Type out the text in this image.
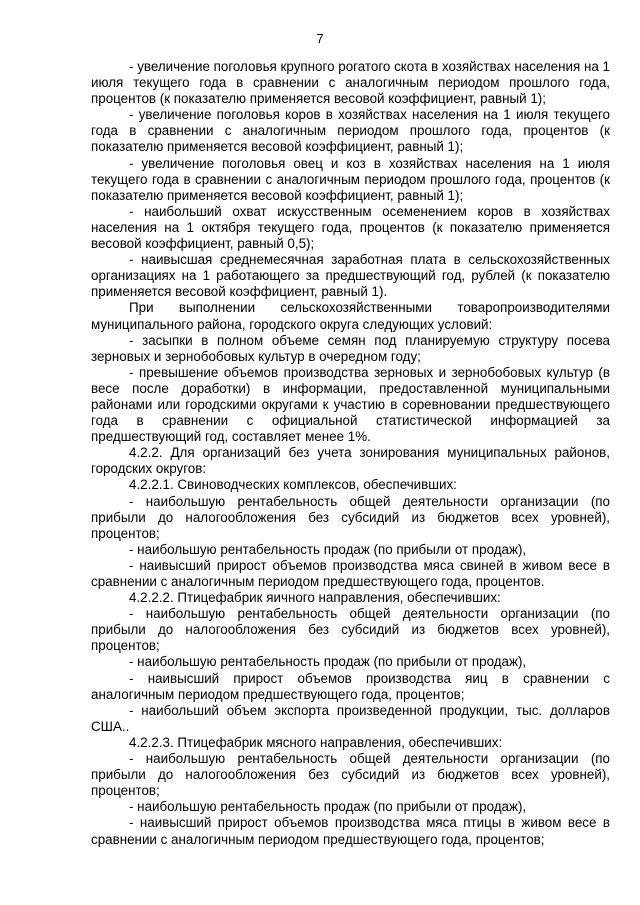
7

- увеличение поголовья крупного рогатого скота в хозяйствах населения на 1 июля текущего года в сравнении с аналогичным периодом прошлого года, процентов (к показателю применяется весовой коэффициент, равный 1);

- увеличение поголовья коров в хозяйствах населения на 1 июля текущего года в сравнении с аналогичным периодом прошлого года, процентов (к показателю применяется весовой коэффициент, равный 1);

- увеличение поголовья овец и коз в хозяйствах населения на 1 июля текущего года в сравнении с аналогичным периодом прошлого года, процентов (к показателю применяется весовой коэффициент, равный 1);

- наибольший охват искусственным осеменением коров в хозяйствах населения на 1 октября текущего года, процентов (к показателю применяется весовой коэффициент, равный 0,5);

- наивысшая среднемесячная заработная плата в сельскохозяйственных организациях на 1 работающего за предшествующий год, рублей (к показателю применяется весовой коэффициент, равный 1).

При выполнении сельскохозяйственными товаропроизводителями муниципального района, городского округа следующих условий:

- засыпки в полном объеме семян под планируемую структуру посева зерновых и зернобобовых культур в очередном году;

- превышение объемов производства зерновых и зернобобовых культур (в весе после доработки) в информации, предоставленной муниципальными районами или городскими округами к участию в соревновании предшествующего года в сравнении с официальной статистической информацией за предшествующий год, составляет менее 1%.

4.2.2. Для организаций без учета зонирования муниципальных районов, городских округов:

4.2.2.1. Свиноводческих комплексов, обеспечивших:

- наибольшую рентабельность общей деятельности организации (по прибыли до налогообложения без субсидий из бюджетов всех уровней), процентов;

- наибольшую рентабельность продаж (по прибыли от продаж),

- наивысший прирост объемов производства мяса свиней в живом весе в сравнении с аналогичным периодом предшествующего года, процентов.

4.2.2.2. Птицефабрик яичного направления, обеспечивших:

- наибольшую рентабельность общей деятельности организации (по прибыли до налогообложения без субсидий из бюджетов всех уровней), процентов;

- наибольшую рентабельность продаж (по прибыли от продаж),

- наивысший прирост объемов производства яиц в сравнении с аналогичным периодом предшествующего года, процентов;

- наибольший объем экспорта произведенной продукции, тыс. долларов США..

4.2.2.3. Птицефабрик мясного направления, обеспечивших:

- наибольшую рентабельность общей деятельности организации (по прибыли до налогообложения без субсидий из бюджетов всех уровней), процентов;

- наибольшую рентабельность продаж (по прибыли от продаж),

- наивысший прирост объемов производства мяса птицы в живом весе в сравнении с аналогичным периодом предшествующего года, процентов;
